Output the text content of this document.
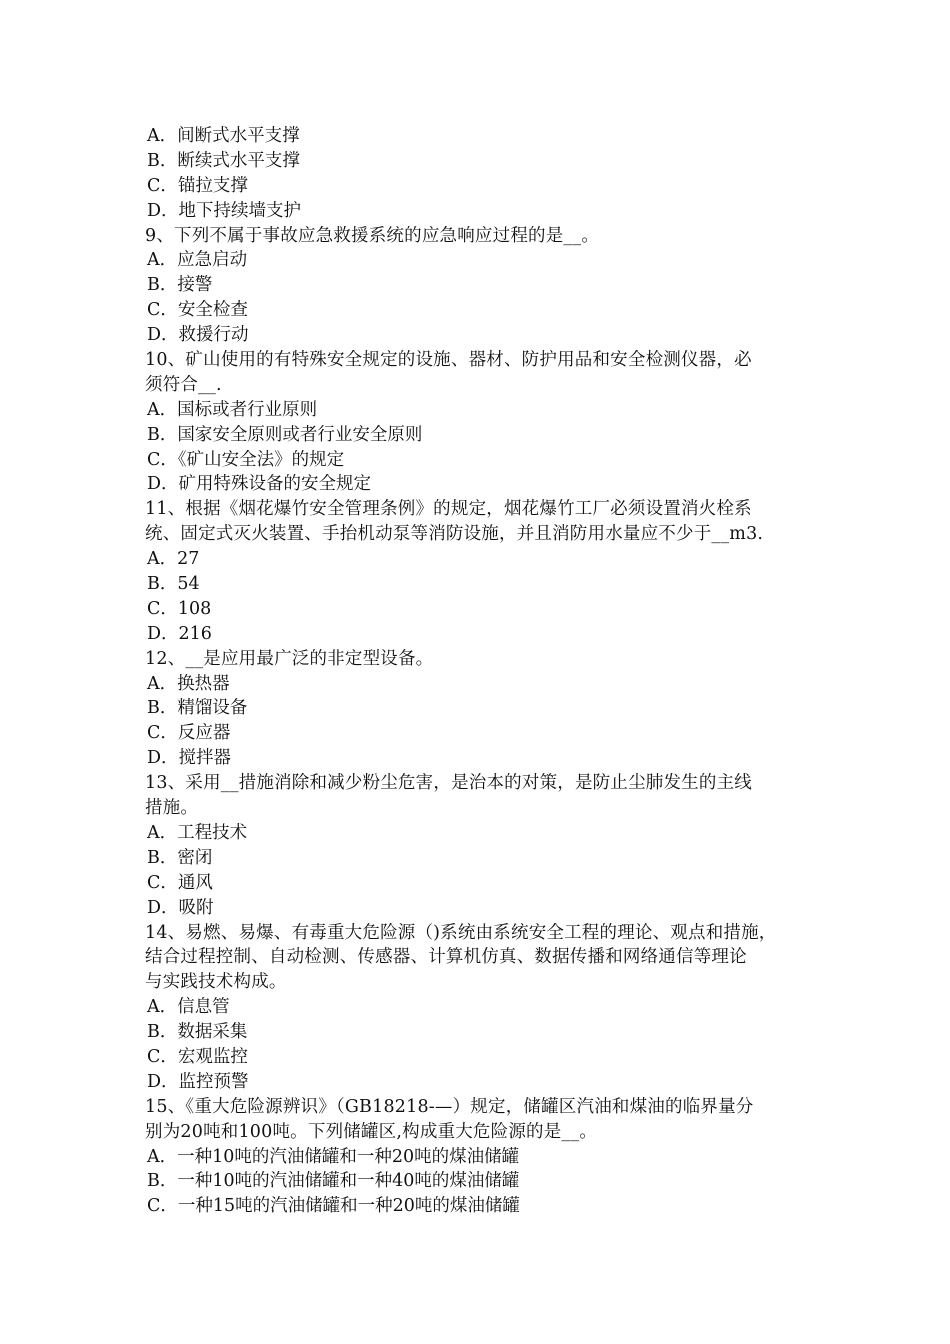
A．间断式水平支撑
B．断续式水平支撑
C．锚拉支撑
D．地下持续墙支护
9、下列不属于事故应急救援系统的应急响应过程的是__。
A．应急启动
B．接警
C．安全检查
D．救援行动
10、矿山使用的有特殊安全规定的设施、器材、防护用品和安全检测仪器，必
须符合__.
A．国标或者行业原则
B．国家安全原则或者行业安全原则
C．《矿山安全法》的规定
D．矿用特殊设备的安全规定
11、根据《烟花爆竹安全管理条例》的规定，烟花爆竹工厂必须设置消火栓系
统、固定式灭火装置、手抬机动泵等消防设施，并且消防用水量应不少于__m3.
A．27
B．54
C．108
D．216
12、__是应用最广泛的非定型设备。
A．换热器
B．精馏设备
C．反应器
D．搅拌器
13、采用__措施消除和减少粉尘危害，是治本的对策，是防止尘肺发生的主线
措施。
A．工程技术
B．密闭
C．通风
D．吸附
14、易燃、易爆、有毒重大危险源（)系统由系统安全工程的理论、观点和措施，
结合过程控制、自动检测、传感器、计算机仿真、数据传播和网络通信等理论
与实践技术构成。
A．信息管
B．数据采集
C．宏观监控
D．监控预警
15、《重大危险源辨识》（GB18218-—）规定，储罐区汽油和煤油的临界量分
别为20吨和100吨。下列储罐区,构成重大危险源的是__。
A．一种10吨的汽油储罐和一种20吨的煤油储罐
B．一种10吨的汽油储罐和一种40吨的煤油储罐
C．一种15吨的汽油储罐和一种20吨的煤油储罐
